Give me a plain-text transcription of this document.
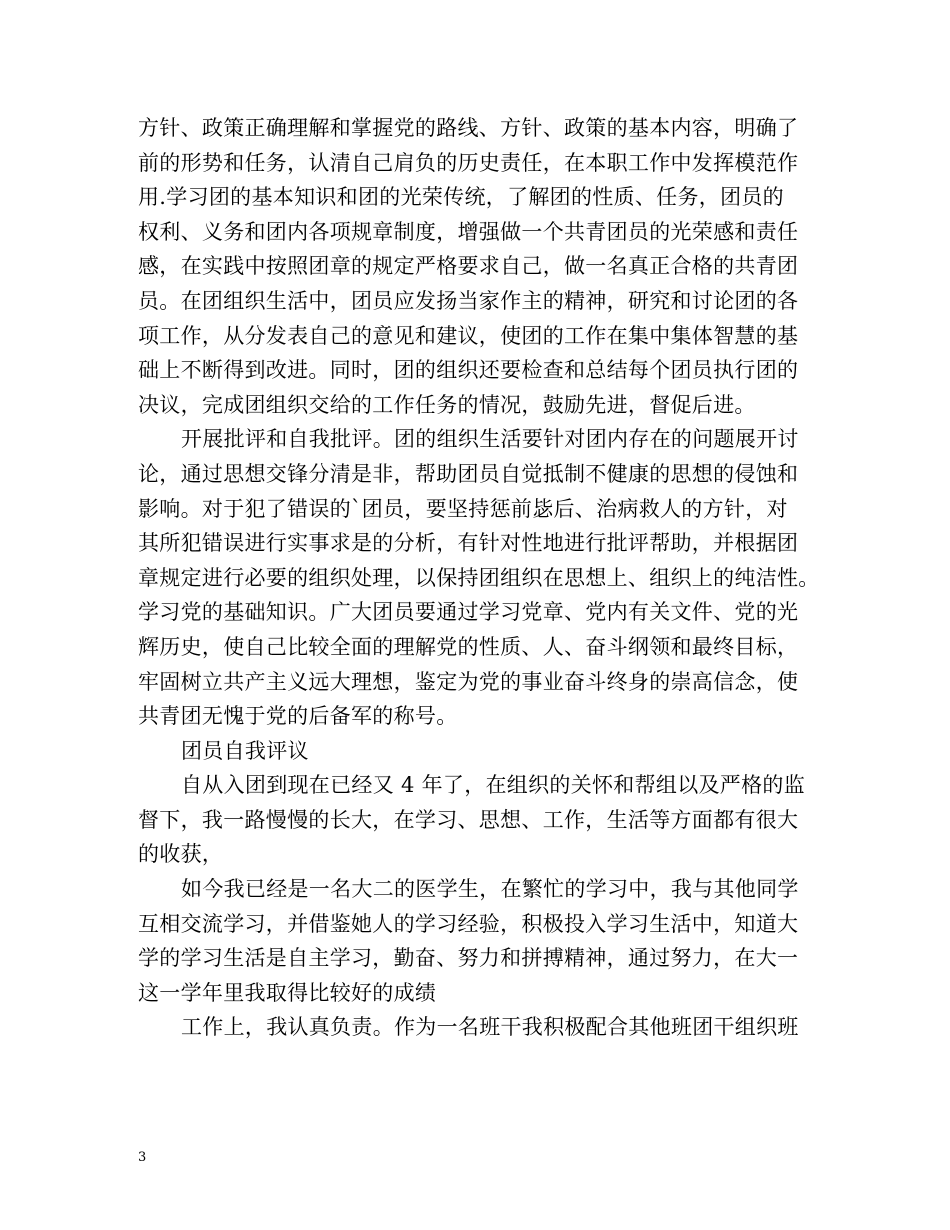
方针、政策正确理解和掌握党的路线、方针、政策的基本内容，明确了
前的形势和任务，认清自己肩负的历史责任，在本职工作中发挥模范作
用.学习团的基本知识和团的光荣传统，了解团的性质、任务，团员的
权利、义务和团内各项规章制度，增强做一个共青团员的光荣感和责任
感，在实践中按照团章的规定严格要求自己，做一名真正合格的共青团
员。在团组织生活中，团员应发扬当家作主的精神，研究和讨论团的各
项工作，从分发表自己的意见和建议，使团的工作在集中集体智慧的基
础上不断得到改进。同时，团的组织还要检查和总结每个团员执行团的
决议，完成团组织交给的工作任务的情况，鼓励先进，督促后进。
开展批评和自我批评。团的组织生活要针对团内存在的问题展开讨
论，通过思想交锋分清是非，帮助团员自觉抵制不健康的思想的侵蚀和
影响。对于犯了错误的`团员，要坚持惩前毖后、治病救人的方针，对
其所犯错误进行实事求是的分析，有针对性地进行批评帮助，并根据团
章规定进行必要的组织处理，以保持团组织在思想上、组织上的纯洁性。
学习党的基础知识。广大团员要通过学习党章、党内有关文件、党的光
辉历史，使自己比较全面的理解党的性质、人、奋斗纲领和最终目标，
牢固树立共产主义远大理想，鉴定为党的事业奋斗终身的崇高信念，使
共青团无愧于党的后备军的称号。
团员自我评议
自从入团到现在已经又 4 年了，在组织的关怀和帮组以及严格的监
督下，我一路慢慢的长大，在学习、思想、工作，生活等方面都有很大
的收获，
如今我已经是一名大二的医学生，在繁忙的学习中，我与其他同学
互相交流学习，并借鉴她人的学习经验，积极投入学习生活中，知道大
学的学习生活是自主学习，勤奋、努力和拼搏精神，通过努力，在大一
这一学年里我取得比较好的成绩
工作上，我认真负责。作为一名班干我积极配合其他班团干组织班
3
